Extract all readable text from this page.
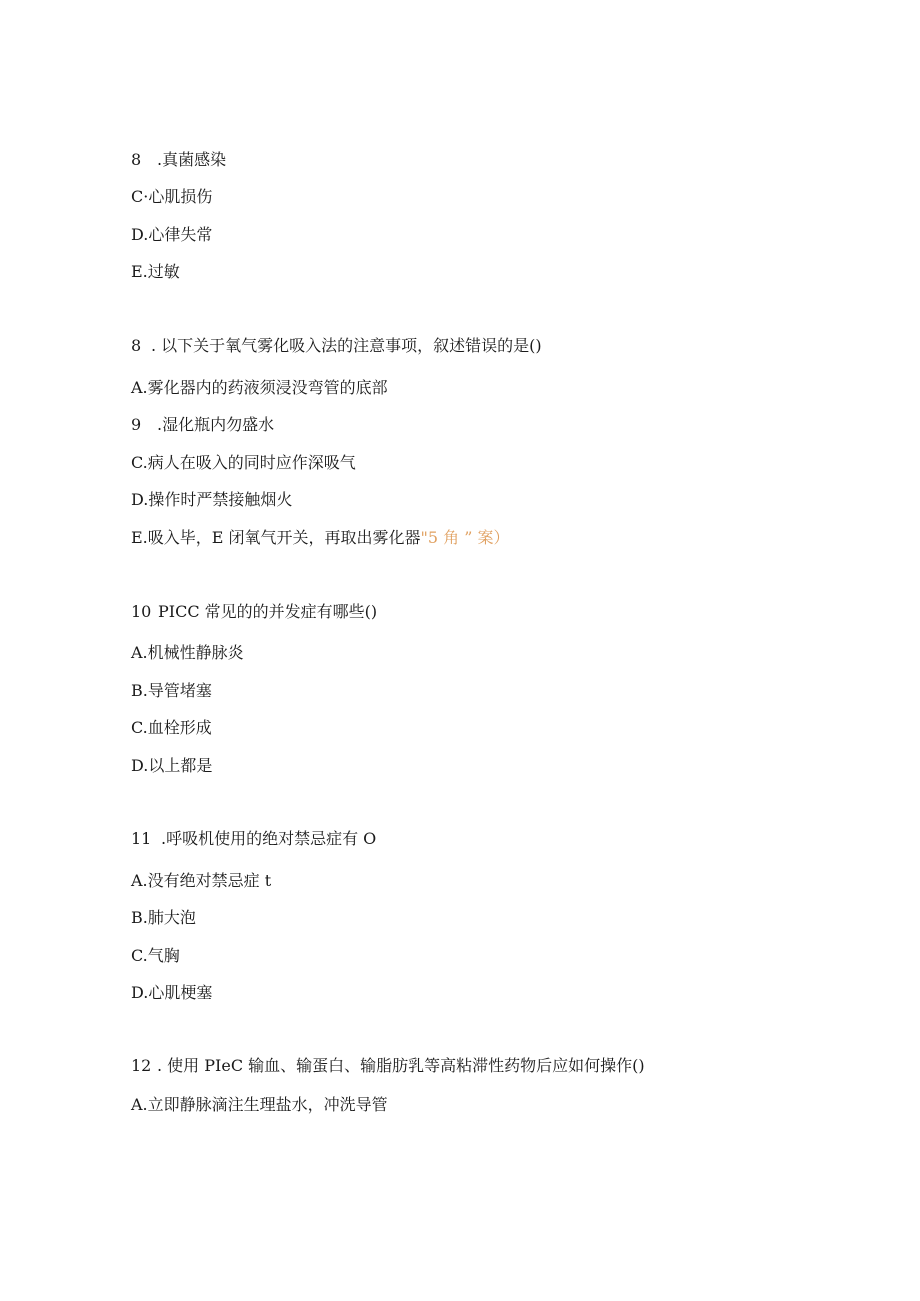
8 .真菌感染
C·心肌损伤
D.心律失常
E.过敏
8 . 以下关于氧气雾化吸入法的注意事项，叙述错误的是()
A.雾化器内的药液须浸没弯管的底部
9 .湿化瓶内勿盛水
C.病人在吸入的同时应作深吸气
D.操作时严禁接触烟火
E.吸入毕，E 闭氧气开关，再取出雾化器"5 角 ” 案）
10 PICC 常见的的并发症有哪些()
A.机械性静脉炎
B.导管堵塞
C.血栓形成
D.以上都是
11 .呼吸机使用的绝对禁忌症有 O
A.没有绝对禁忌症 t
B.肺大泡
C.气胸
D.心肌梗塞
12 . 使用 PIeC 输血、输蛋白、输脂肪乳等高粘滞性药物后应如何操作()
A.立即静脉滴注生理盐水，冲洗导管
